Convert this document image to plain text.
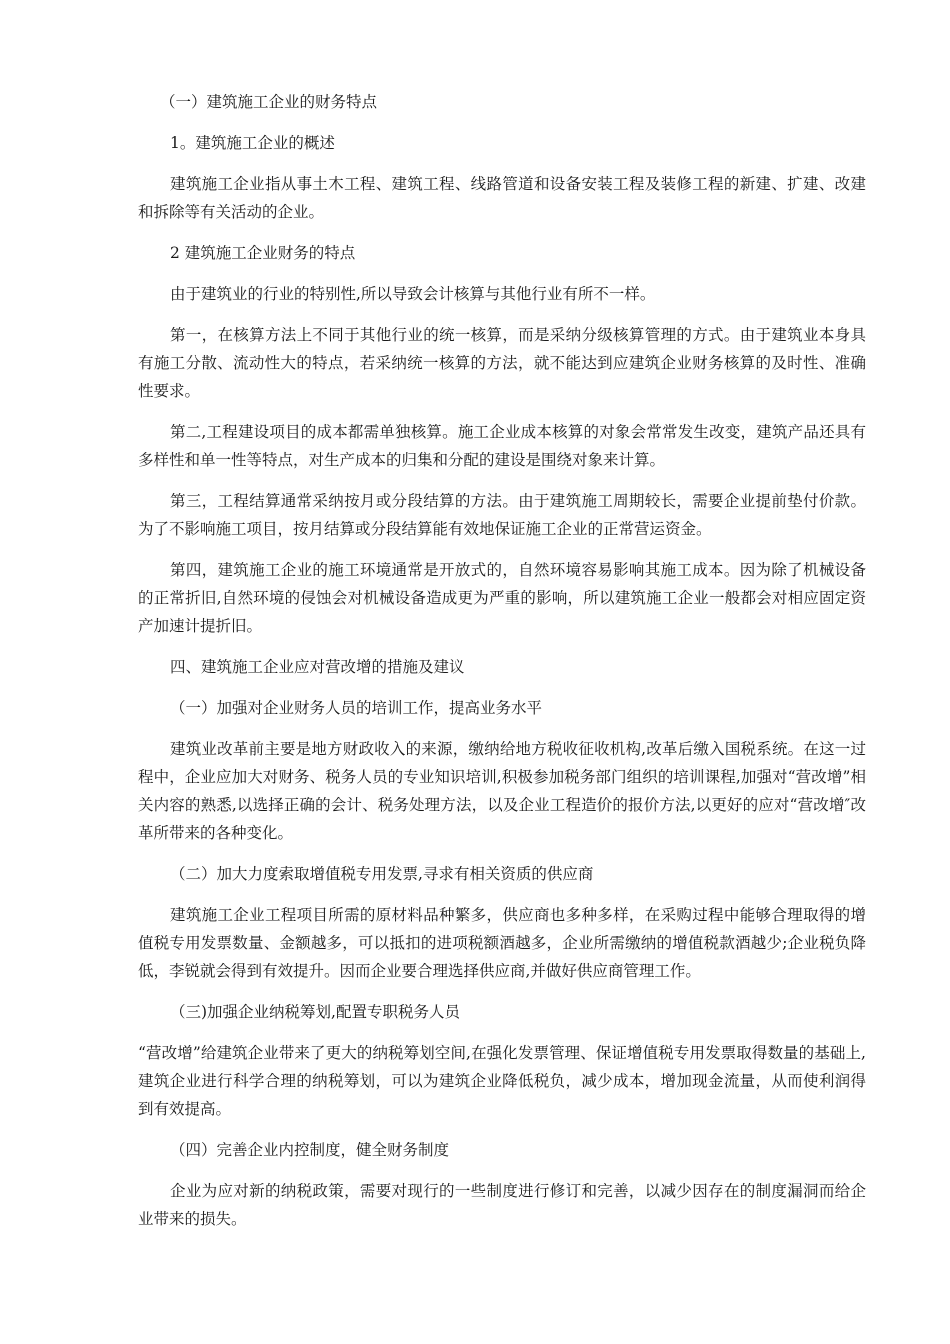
（一）建筑施工企业的财务特点

1。建筑施工企业的概述

建筑施工企业指从事土木工程、建筑工程、线路管道和设备安装工程及装修工程的新建、扩建、改建和拆除等有关活动的企业。

2 建筑施工企业财务的特点

由于建筑业的行业的特别性,所以导致会计核算与其他行业有所不一样。

第一，在核算方法上不同于其他行业的统一核算，而是采纳分级核算管理的方式。由于建筑业本身具有施工分散、流动性大的特点，若采纳统一核算的方法，就不能达到应建筑企业财务核算的及时性、准确性要求。

第二,工程建设项目的成本都需单独核算。施工企业成本核算的对象会常常发生改变，建筑产品还具有多样性和单一性等特点，对生产成本的归集和分配的建设是围绕对象来计算。

第三，工程结算通常采纳按月或分段结算的方法。由于建筑施工周期较长，需要企业提前垫付价款。为了不影响施工项目，按月结算或分段结算能有效地保证施工企业的正常营运资金。

第四，建筑施工企业的施工环境通常是开放式的，自然环境容易影响其施工成本。因为除了机械设备的正常折旧,自然环境的侵蚀会对机械设备造成更为严重的影响，所以建筑施工企业一般都会对相应固定资产加速计提折旧。

四、建筑施工企业应对营改增的措施及建议

（一）加强对企业财务人员的培训工作，提高业务水平

建筑业改革前主要是地方财政收入的来源，缴纳给地方税收征收机构,改革后缴入国税系统。在这一过程中，企业应加大对财务、税务人员的专业知识培训,积极参加税务部门组织的培训课程,加强对“营改增”相关内容的熟悉,以选择正确的会计、税务处理方法，以及企业工程造价的报价方法,以更好的应对“营改增″改革所带来的各种变化。

（二）加大力度索取增值税专用发票,寻求有相关资质的供应商

建筑施工企业工程项目所需的原材料品种繁多，供应商也多种多样，在采购过程中能够合理取得的增值税专用发票数量、金额越多，可以抵扣的进项税额酒越多，企业所需缴纳的增值税款酒越少;企业税负降低，李锐就会得到有效提升。因而企业要合理选择供应商,并做好供应商管理工作。

（三)加强企业纳税筹划,配置专职税务人员

“营改增”给建筑企业带来了更大的纳税筹划空间,在强化发票管理、保证增值税专用发票取得数量的基础上,建筑企业进行科学合理的纳税筹划，可以为建筑企业降低税负，减少成本，增加现金流量，从而使利润得到有效提高。

（四）完善企业内控制度，健全财务制度

企业为应对新的纳税政策，需要对现行的一些制度进行修订和完善，以减少因存在的制度漏洞而给企业带来的损失。
